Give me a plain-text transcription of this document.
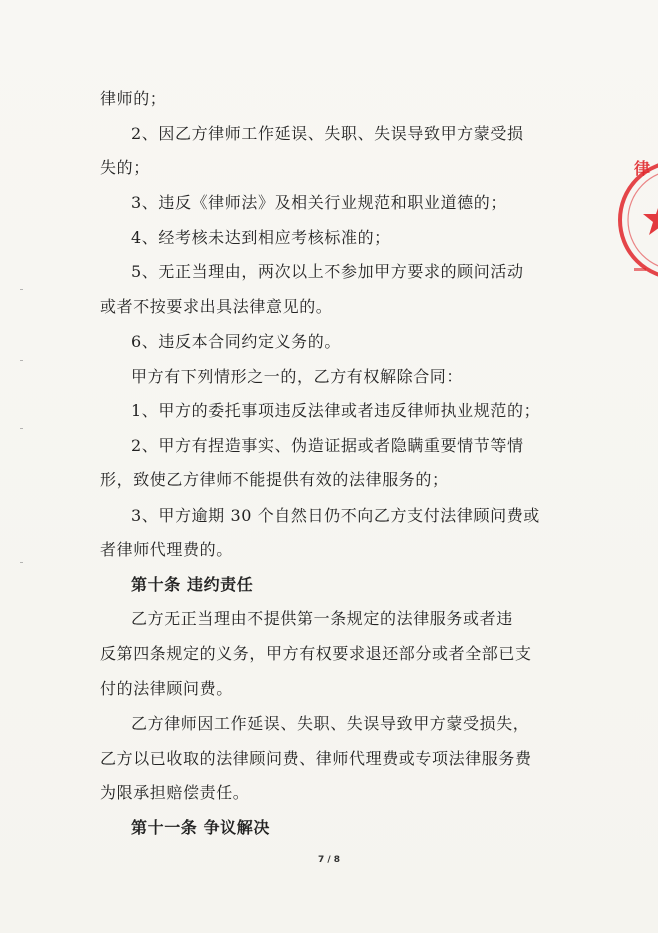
律师的；
2、因乙方律师工作延误、失职、失误导致甲方蒙受损
失的；
3、违反《律师法》及相关行业规范和职业道德的；
4、经考核未达到相应考核标准的；
5、无正当理由，两次以上不参加甲方要求的顾问活动
或者不按要求出具法律意见的。
6、违反本合同约定义务的。
甲方有下列情形之一的，乙方有权解除合同：
1、甲方的委托事项违反法律或者违反律师执业规范的；
2、甲方有捏造事实、伪造证据或者隐瞒重要情节等情
形，致使乙方律师不能提供有效的法律服务的；
3、甲方逾期 30 个自然日仍不向乙方支付法律顾问费或
者律师代理费的。
第十条 违约责任
乙方无正当理由不提供第一条规定的法律服务或者违
反第四条规定的义务，甲方有权要求退还部分或者全部已支
付的法律顾问费。
乙方律师因工作延误、失职、失误导致甲方蒙受损失，
乙方以已收取的法律顾问费、律师代理费或专项法律服务费
为限承担赔偿责任。
第十一条 争议解决
7 / 8
律
